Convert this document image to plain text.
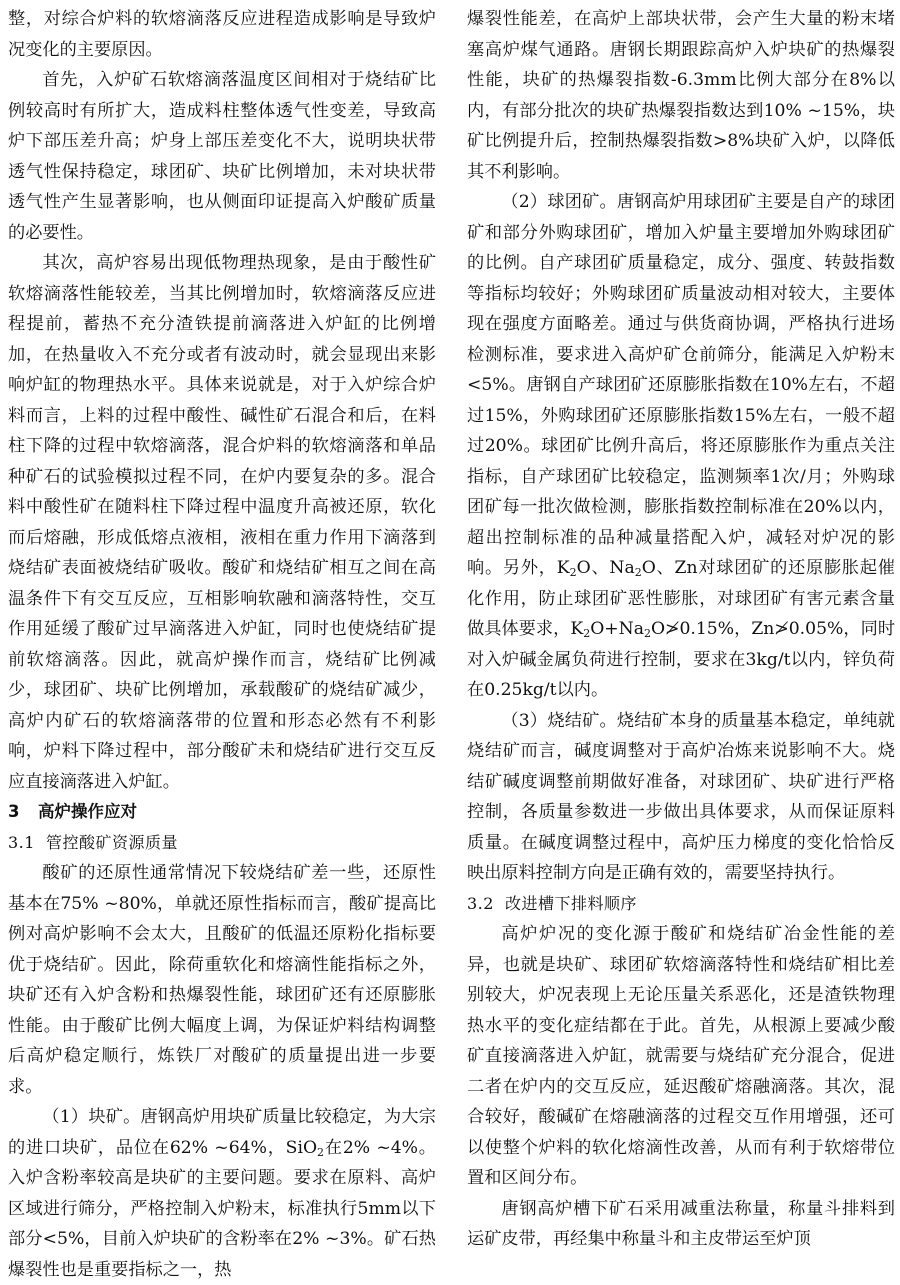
整，对综合炉料的软熔滴落反应进程造成影响是导致炉况变化的主要原因。

首先，入炉矿石软熔滴落温度区间相对于烧结矿比例较高时有所扩大，造成料柱整体透气性变差，导致高炉下部压差升高；炉身上部压差变化不大，说明块状带透气性保持稳定，球团矿、块矿比例增加，未对块状带透气性产生显著影响，也从侧面印证提高入炉酸矿质量的必要性。

其次，高炉容易出现低物理热现象，是由于酸性矿软熔滴落性能较差，当其比例增加时，软熔滴落反应进程提前，蓄热不充分渣铁提前滴落进入炉缸的比例增加，在热量收入不充分或者有波动时，就会显现出来影响炉缸的物理热水平。具体来说就是，对于入炉综合炉料而言，上料的过程中酸性、碱性矿石混合和后，在料柱下降的过程中软熔滴落，混合炉料的软熔滴落和单品种矿石的试验模拟过程不同，在炉内要复杂的多。混合料中酸性矿在随料柱下降过程中温度升高被还原，软化而后熔融，形成低熔点液相，液相在重力作用下滴落到烧结矿表面被烧结矿吸收。酸矿和烧结矿相互之间在高温条件下有交互反应，互相影响软融和滴落特性，交互作用延缓了酸矿过早滴落进入炉缸，同时也使烧结矿提前软熔滴落。因此，就高炉操作而言，烧结矿比例减少，球团矿、块矿比例增加，承载酸矿的烧结矿减少，高炉内矿石的软熔滴落带的位置和形态必然有不利影响，炉料下降过程中，部分酸矿未和烧结矿进行交互反应直接滴落进入炉缸。

3 高炉操作应对

3.1 管控酸矿资源质量

酸矿的还原性通常情况下较烧结矿差一些，还原性基本在75% ~80%，单就还原性指标而言，酸矿提高比例对高炉影响不会太大，且酸矿的低温还原粉化指标要优于烧结矿。因此，除荷重软化和熔滴性能指标之外，块矿还有入炉含粉和热爆裂性能，球团矿还有还原膨胀性能。由于酸矿比例大幅度上调，为保证炉料结构调整后高炉稳定顺行，炼铁厂对酸矿的质量提出进一步要求。

（1）块矿。唐钢高炉用块矿质量比较稳定，为大宗的进口块矿，品位在62% ~64%，SiO$_2$在2% ~4%。入炉含粉率较高是块矿的主要问题。要求在原料、高炉区域进行筛分，严格控制入炉粉末，标准执行5mm以下部分<5%，目前入炉块矿的含粉率在2% ~3%。矿石热爆裂性也是重要指标之一，热

爆裂性能差，在高炉上部块状带，会产生大量的粉末堵塞高炉煤气通路。唐钢长期跟踪高炉入炉块矿的热爆裂性能，块矿的热爆裂指数-6.3mm比例大部分在8%以内，有部分批次的块矿热爆裂指数达到10% ~15%，块矿比例提升后，控制热爆裂指数>8%块矿入炉，以降低其不利影响。

（2）球团矿。唐钢高炉用球团矿主要是自产的球团矿和部分外购球团矿，增加入炉量主要增加外购球团矿的比例。自产球团矿质量稳定，成分、强度、转鼓指数等指标均较好；外购球团矿质量波动相对较大，主要体现在强度方面略差。通过与供货商协调，严格执行进场检测标准，要求进入高炉矿仓前筛分，能满足入炉粉末<5%。唐钢自产球团矿还原膨胀指数在10%左右，不超过15%，外购球团矿还原膨胀指数15%左右，一般不超过20%。球团矿比例升高后，将还原膨胀作为重点关注指标，自产球团矿比较稳定，监测频率1次/月；外购球团矿每一批次做检测，膨胀指数控制标准在20%以内，超出控制标准的品种减量搭配入炉，减轻对炉况的影响。另外，$K_2O$、$Na_2O$、Zn对球团矿的还原膨胀起催化作用，防止球团矿恶性膨胀，对球团矿有害元素含量做具体要求，$K_2O+Na_2O≯0.15\%$，Zn≯0.05%，同时对入炉碱金属负荷进行控制，要求在3kg/t以内，锌负荷在0.25kg/t以内。

（3）烧结矿。烧结矿本身的质量基本稳定，单纯就烧结矿而言，碱度调整对于高炉冶炼来说影响不大。烧结矿碱度调整前期做好准备，对球团矿、块矿进行严格控制，各质量参数进一步做出具体要求，从而保证原料质量。在碱度调整过程中，高炉压力梯度的变化恰恰反映出原料控制方向是正确有效的，需要坚持执行。

3.2 改进槽下排料顺序

高炉炉况的变化源于酸矿和烧结矿冶金性能的差异，也就是块矿、球团矿软熔滴落特性和烧结矿相比差别较大，炉况表现上无论压量关系恶化，还是渣铁物理热水平的变化症结都在于此。首先，从根源上要减少酸矿直接滴落进入炉缸，就需要与烧结矿充分混合，促进二者在炉内的交互反应，延迟酸矿熔融滴落。其次，混合较好，酸碱矿在熔融滴落的过程交互作用增强，还可以使整个炉料的软化熔滴性改善，从而有利于软熔带位置和区间分布。

唐钢高炉槽下矿石采用减重法称量，称量斗排料到运矿皮带，再经集中称量斗和主皮带运至炉顶
